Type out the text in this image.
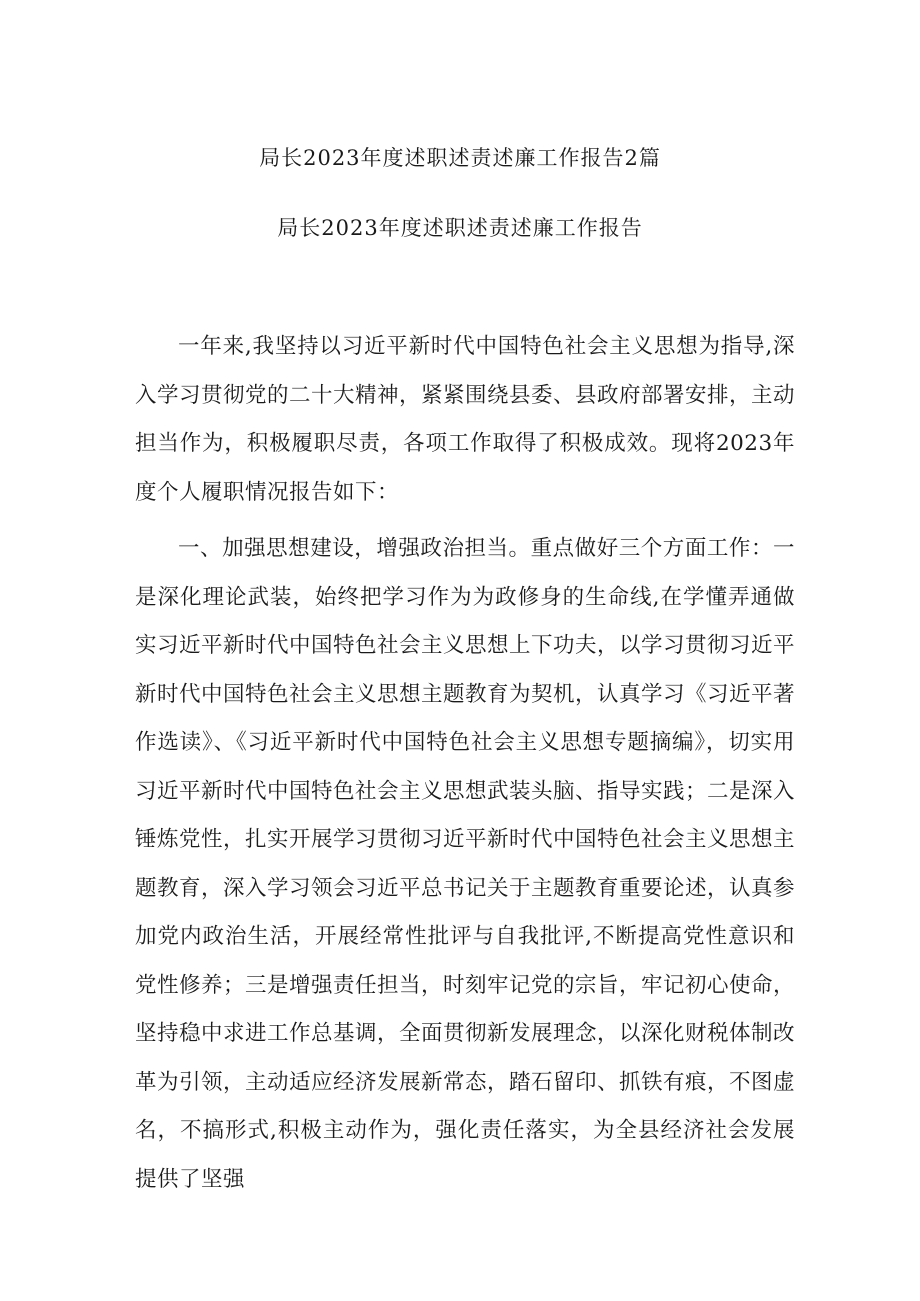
局长2023年度述职述责述廉工作报告2篇
局长2023年度述职述责述廉工作报告

一年来,我坚持以习近平新时代中国特色社会主义思想为指导,深入学习贯彻党的二十大精神，紧紧围绕县委、县政府部署安排，主动担当作为，积极履职尽责，各项工作取得了积极成效。现将2023年度个人履职情况报告如下：

一、加强思想建设，增强政治担当。重点做好三个方面工作：一是深化理论武装，始终把学习作为为政修身的生命线,在学懂弄通做实习近平新时代中国特色社会主义思想上下功夫，以学习贯彻习近平新时代中国特色社会主义思想主题教育为契机，认真学习《习近平著作选读》、《习近平新时代中国特色社会主义思想专题摘编》，切实用习近平新时代中国特色社会主义思想武装头脑、指导实践；二是深入锤炼党性，扎实开展学习贯彻习近平新时代中国特色社会主义思想主题教育，深入学习领会习近平总书记关于主题教育重要论述，认真参加党内政治生活，开展经常性批评与自我批评,不断提高党性意识和党性修养；三是增强责任担当，时刻牢记党的宗旨，牢记初心使命，坚持稳中求进工作总基调，全面贯彻新发展理念，以深化财税体制改革为引领，主动适应经济发展新常态，踏石留印、抓铁有痕，不图虚名，不搞形式,积极主动作为，强化责任落实，为全县经济社会发展提供了坚强
